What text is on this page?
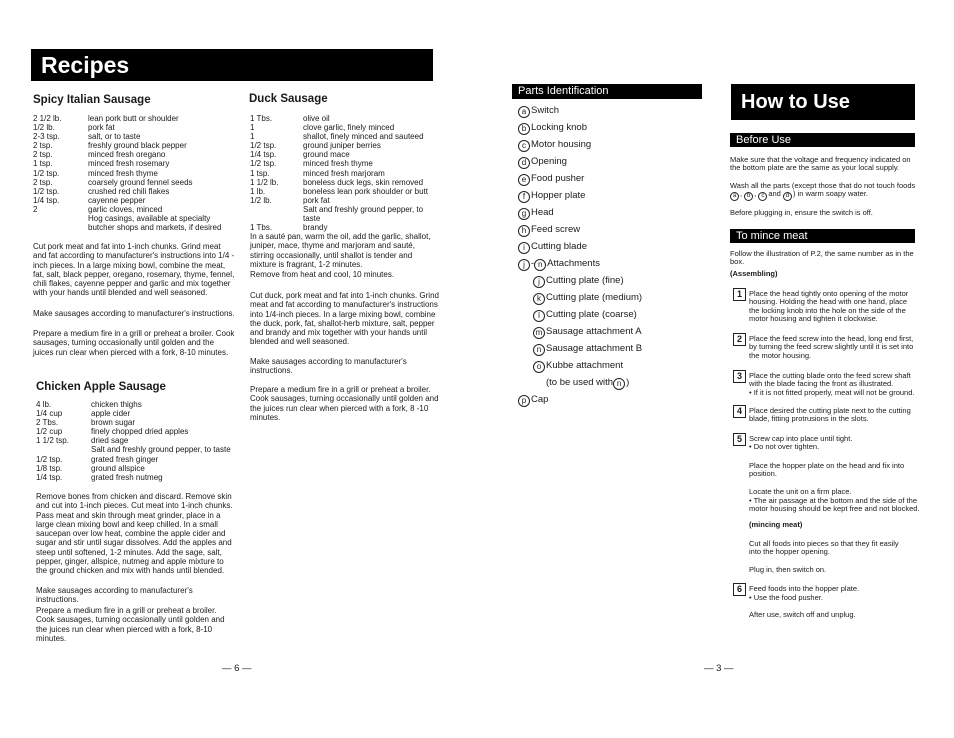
Recipes
Spicy Italian Sausage
2 1/2 lb.	lean pork butt or shoulder
1/2 lb.	pork fat
2-3 tsp.	salt, or to taste
2 tsp.	freshly ground black pepper
2 tsp.	minced fresh oregano
1 tsp.	minced fresh rosemary
1/2 tsp.	minced fresh thyme
2 tsp.	coarsely ground fennel seeds
1/2 tsp.	crushed red chili flakes
1/4 tsp.	cayenne pepper
2	garlic cloves, minced
Hog casings, available at specialty
butcher shops and markets, if desired

Cut pork meat and fat into 1-inch chunks. Grind meat and fat according to manufacturer's instructions into 1/4 -inch pieces. In a large mixing bowl, combine the meat, fat, salt, black pepper, oregano, rosemary, thyme, fennel, chili flakes, cayenne pepper and garlic and mix together with your hands until blended and well seasoned.

Make sausages according to manufacturer's instructions.

Prepare a medium fire in a grill or preheat a broiler. Cook sausages, turning occasionally until golden and the juices run clear when pierced with a fork, 8-10 minutes.

Chicken Apple Sausage
4 lb.	chicken thighs
1/4 cup	apple cider
2 Tbs.	brown sugar
1/2 cup	finely chopped dried apples
1 1/2 tsp.	dried sage
Salt and freshly ground pepper, to taste
1/2 tsp.	grated fresh ginger
1/8 tsp.	ground allspice
1/4 tsp.	grated fresh nutmeg

Remove bones from chicken and discard. Remove skin and cut into 1-inch pieces. Cut meat into 1-inch chunks. Pass meat and skin through meat grinder, place in a large clean mixing bowl and keep chilled. In a small saucepan over low heat, combine the apple cider and sugar and stir until sugar dissolves. Add the apples and steep until softened, 1-2 minutes. Add the sage, salt, pepper, ginger, allspice, nutmeg and apple mixture to the ground chicken and mix with hands until blended.

Make sausages according to manufacturer's instructions.

Prepare a medium fire in a grill or preheat a broiler. Cook sausages, turning occasionally until golden and the juices run clear when pierced with a fork, 8-10 minutes.

Duck Sausage
1 Tbs.	olive oil
1	clove garlic, finely minced
1	shallot, finely minced and sauteed
1/2 tsp.	ground juniper berries
1/4 tsp.	ground mace
1/2 tsp.	minced fresh thyme
1 tsp.	minced fresh marjoram
1 1/2 lb.	boneless duck legs, skin removed
1 lb.	boneless lean pork shoulder or butt
1/2 lb.	pork fat
Salt and freshly ground pepper, to taste
1 Tbs.	brandy

In a sauté pan, warm the oil, add the garlic, shallot, juniper, mace, thyme and marjoram and sauté, stirring occasionally, until shallot is tender and mixture is fragrant, 1-2 minutes.

Remove from heat and cool, 10 minutes.

Cut duck, pork meat and fat into 1-inch chunks. Grind meat and fat according to manufacturer's instructions into 1/4-inch pieces. In a large mixing bowl, combine the duck, pork, fat, shallot-herb mixture, salt, pepper and brandy and mix together with your hands until blended and well seasoned.

Make sausages according to manufacturer's instructions.

Prepare a medium fire in a grill or preheat a broiler. Cook sausages, turning occasionally until golden and the juices run clear when pierced with a fork, 8 -10 minutes.

— 6 —
Parts Identification
a Switch
b Locking knob
c Motor housing
d Opening
e Food pusher
f Hopper plate
g Head
h Feed screw
i Cutting blade
j - n Attachments
j Cutting plate (fine)
k Cutting plate (medium)
l Cutting plate (coarse)
m Sausage attachment A
n Sausage attachment B
o Kubbe attachment
(to be used with n )
p Cap
How to Use
Before Use

Make sure that the voltage and frequency indicated on the bottom plate are the same as your local supply.

Wash all the parts (except those that do not touch foods
a , b , c and d ) in warm soapy water.

Before plugging in, ensure the switch is off.

To mince meat

Follow the illustration of P.2, the same number as in the box.

(Assembling)
1 Place the head tightly onto opening of the motor housing. Holding the head with one hand, place the locking knob into the hole on the side of the motor housing and tighten it clockwise.
2 Place the feed screw into the head, long end first, by turning the feed screw slightly until it is set into the motor housing.
3 Place the cutting blade onto the feed screw shaft with the blade facing the front as illustrated.
• If it is not fitted properly, meat will not be ground.
4 Place desired the cutting plate next to the cutting blade, fitting protrusions in the slots.
5 Screw cap into place until tight.
• Do not over tighten.

Place the hopper plate on the head and fix into position.

Locate the unit on a firm place.

• The air passage at the bottom and the side of the motor housing should be kept free and not blocked.

(mincing meat)

Cut all foods into pieces so that they fit easily into the hopper opening.

Plug in, then switch on.

6 Feed foods into the hopper plate.

• Use the food pusher.

After use, switch off and unplug.

— 3 —
